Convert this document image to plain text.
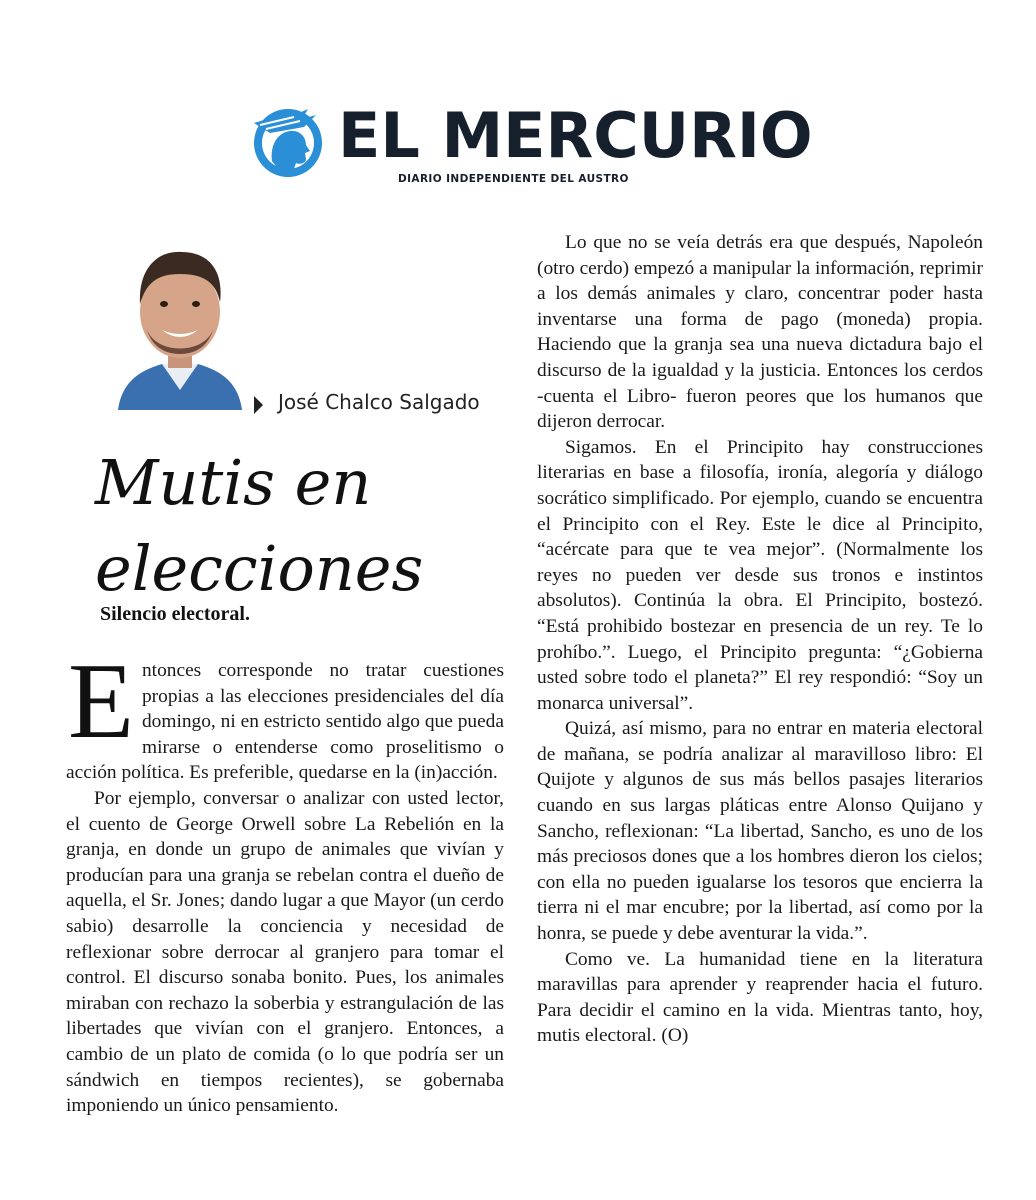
EL MERCURIO
DIARIO INDEPENDIENTE DEL AUSTRO
José Chalco Salgado
Mutis en
elecciones

Silencio electoral.

Entonces corresponde no tratar cuestiones propias a las elecciones presidenciales del día domingo, ni en estricto sentido algo que pueda mirarse o entenderse como proselitismo o acción política. Es preferible, quedarse en la (in)acción.

Por ejemplo, conversar o analizar con usted lector, el cuento de George Orwell sobre La Rebelión en la granja, en donde un grupo de animales que vivían y producían para una granja se rebelan contra el dueño de aquella, el Sr. Jones; dando lugar a que Mayor (un cerdo sabio) desarrolle la conciencia y necesidad de reflexionar sobre derrocar al granjero para tomar el control. El discurso sonaba bonito. Pues, los animales miraban con rechazo la soberbia y estrangulación de las libertades que vivían con el granjero. Entonces, a cambio de un plato de comida (o lo que podría ser un sándwich en tiempos recientes), se gobernaba imponiendo un único pensamiento.

Lo que no se veía detrás era que después, Napoleón (otro cerdo) empezó a manipular la información, reprimir a los demás animales y claro, concentrar poder hasta inventarse una forma de pago (moneda) propia. Haciendo que la granja sea una nueva dictadura bajo el discurso de la igualdad y la justicia. Entonces los cerdos -cuenta el Libro- fueron peores que los humanos que dijeron derrocar.

Sigamos. En el Principito hay construcciones literarias en base a filosofía, ironía, alegoría y diálogo socrático simplificado. Por ejemplo, cuando se encuentra el Principito con el Rey. Este le dice al Principito, “acércate para que te vea mejor”. (Normalmente los reyes no pueden ver desde sus tronos e instintos absolutos). Continúa la obra. El Principito, bostezó. “Está prohibido bostezar en presencia de un rey. Te lo prohíbo.”. Luego, el Principito pregunta: “¿Gobierna usted sobre todo el planeta?” El rey respondió: “Soy un monarca universal”.

Quizá, así mismo, para no entrar en materia electoral de mañana, se podría analizar al maravilloso libro: El Quijote y algunos de sus más bellos pasajes literarios cuando en sus largas pláticas entre Alonso Quijano y Sancho, reflexionan: “La libertad, Sancho, es uno de los más preciosos dones que a los hombres dieron los cielos; con ella no pueden igualarse los tesoros que encierra la tierra ni el mar encubre; por la libertad, así como por la honra, se puede y debe aventurar la vida.”.

Como ve. La humanidad tiene en la literatura maravillas para aprender y reaprender hacia el futuro. Para decidir el camino en la vida. Mientras tanto, hoy, mutis electoral. (O)
